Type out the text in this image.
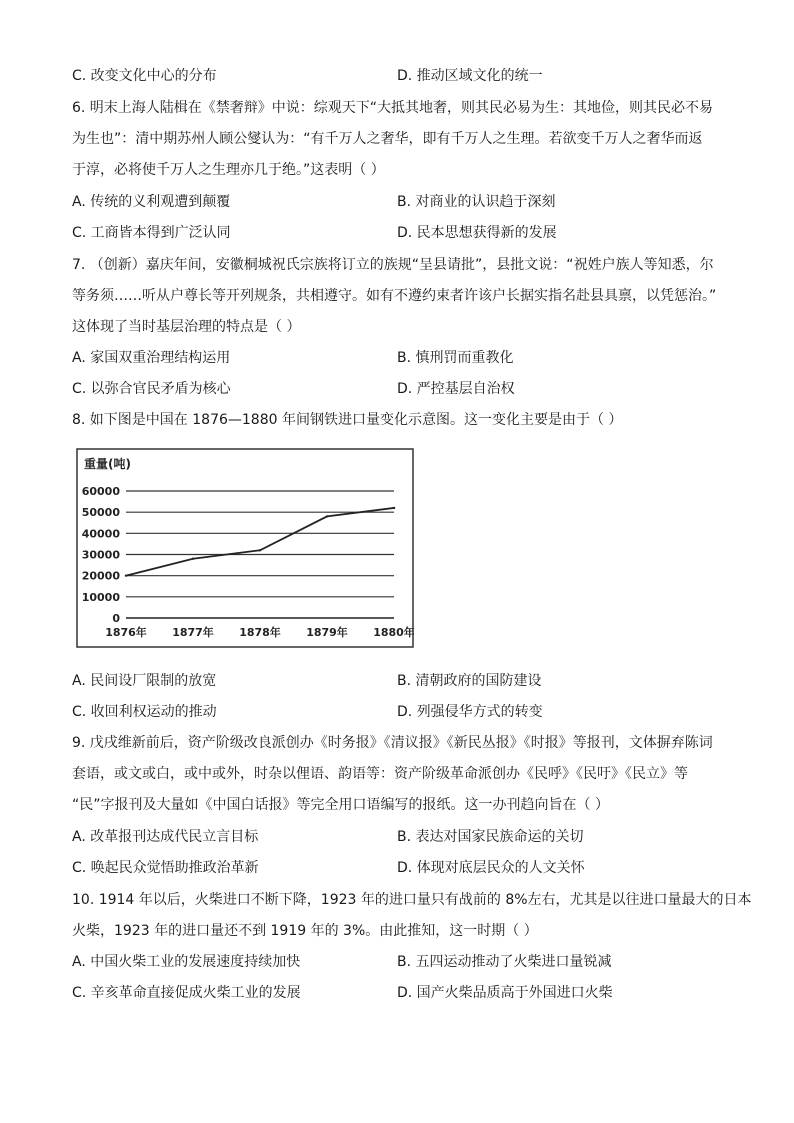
C. 改变文化中心的分布	D. 推动区域文化的统一
6. 明末上海人陆楫在《禁奢辩》中说：综观天下“大抵其地奢，则其民必易为生：其地俭，则其民必不易
为生也”：清中期苏州人顾公燮认为：“有千万人之奢华，即有千万人之生理。若欲变千万人之奢华而返
于淳，必将使千万人之生理亦几于绝。”这表明（ ）
A. 传统的义利观遭到颠覆	B. 对商业的认识趋于深刻
C. 工商皆本得到广泛认同	D. 民本思想获得新的发展
7. （创新）嘉庆年间，安徽桐城祝氏宗族将订立的族规“呈县请批”，县批文说：“祝姓户族人等知悉，尔
等务须……听从户尊长等开列规条，共相遵守。如有不遵约束者许该户长据实指名赴县具禀，以凭惩治。”
这体现了当时基层治理的特点是（ ）
A. 家国双重治理结构运用	B. 慎刑罚而重教化
C. 以弥合官民矛盾为核心	D. 严控基层自治权
8. 如下图是中国在 1876—1880 年间钢铁进口量变化示意图。这一变化主要是由于（ ）
重量(吨)
0
10000
20000
30000
40000
50000
60000
1876年 1877年 1878年 1879年 1880年
A. 民间设厂限制的放宽	B. 清朝政府的国防建设
C. 收回利权运动的推动	D. 列强侵华方式的转变
9. 戊戌维新前后，资产阶级改良派创办《时务报》《清议报》《新民丛报》《时报》等报刊，文体摒弃陈词
套语，或文或白，或中或外，时杂以俚语、韵语等：资产阶级革命派创办《民呼》《民吁》《民立》等
“民”字报刊及大量如《中国白话报》等完全用口语编写的报纸。这一办刊趋向旨在（ ）
A. 改革报刊达成代民立言目标	B. 表达对国家民族命运的关切
C. 唤起民众觉悟助推政治革新	D. 体现对底层民众的人文关怀
10. 1914 年以后，火柴进口不断下降，1923 年的进口量只有战前的 8%左右，尤其是以往进口量最大的日本
火柴，1923 年的进口量还不到 1919 年的 3%。由此推知，这一时期（ ）
A. 中国火柴工业的发展速度持续加快	B. 五四运动推动了火柴进口量锐减
C. 辛亥革命直接促成火柴工业的发展	D. 国产火柴品质高于外国进口火柴
